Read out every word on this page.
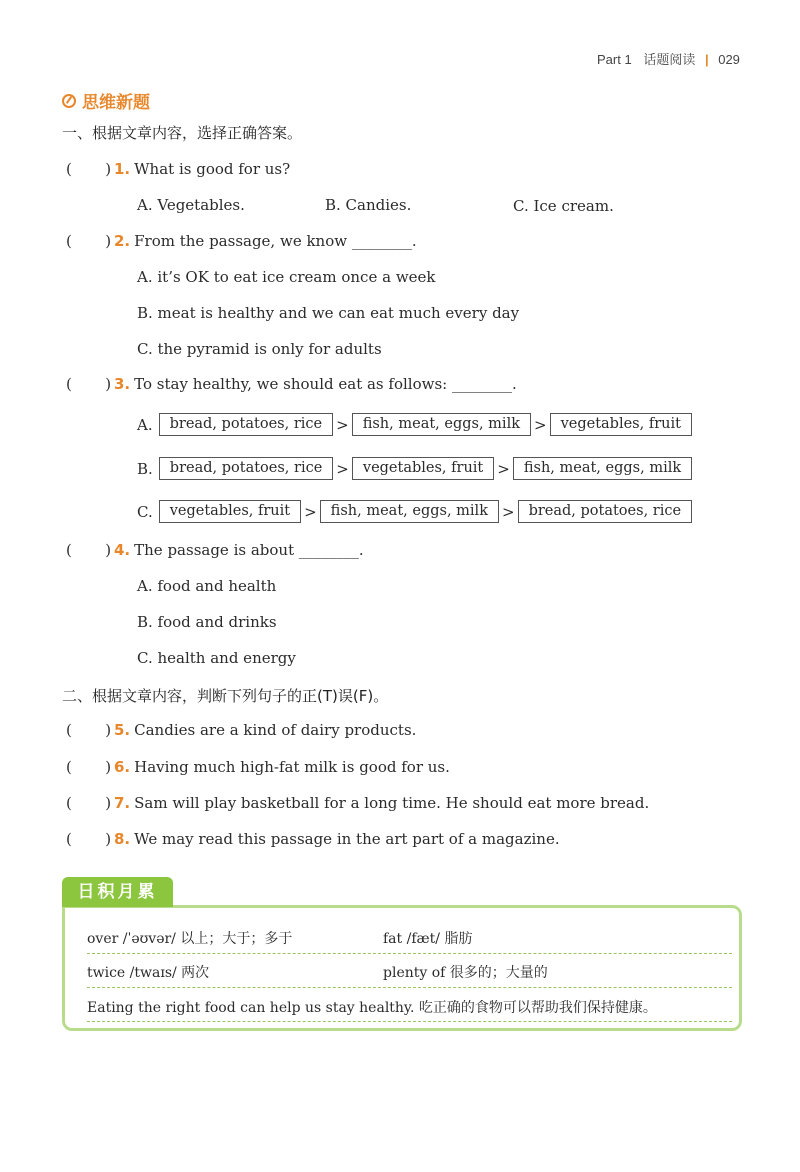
Part 1 话题阅读 | 029
思维新题
一、根据文章内容，选择正确答案。
(       ) 1. What is good for us?
A. Vegetables.	B. Candies.	C. Ice cream.
(       ) 2. From the passage, we know ________.
A. it’s OK to eat ice cream once a week
B. meat is healthy and we can eat much every day
C. the pyramid is only for adults
(       ) 3. To stay healthy, we should eat as follows: ________.
A.	bread, potatoes, rice > fish, meat, eggs, milk > vegetables, fruit
B.	bread, potatoes, rice > vegetables, fruit > fish, meat, eggs, milk
C.	vegetables, fruit > fish, meat, eggs, milk > bread, potatoes, rice
(       ) 4. The passage is about ________.
A. food and health
B. food and drinks
C. health and energy
二、根据文章内容，判断下列句子的正(T)误(F)。
(       ) 5. Candies are a kind of dairy products.
(       ) 6. Having much high-fat milk is good for us.
(       ) 7. Sam will play basketball for a long time. He should eat more bread.
(       ) 8. We may read this passage in the art part of a magazine.
over /ˈəʊvər/ 以上；大于；多于	fat /fæt/ 脂肪
twice /twaɪs/ 两次	plenty of 很多的；大量的
Eating the right food can help us stay healthy. 吃正确的食物可以帮助我们保持健康。
日积月累
